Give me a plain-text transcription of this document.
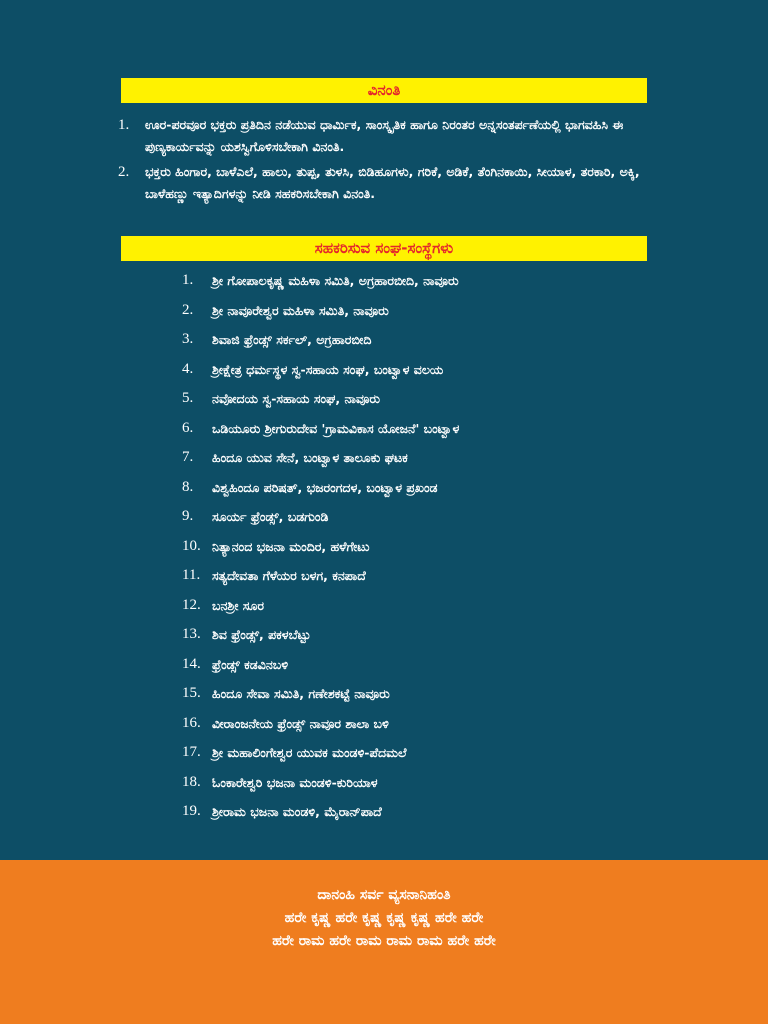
ವಿನಂತಿ
1.	ಊರ-ಪರವೂರ ಭಕ್ತರು ಪ್ರತಿದಿನ ನಡೆಯುವ ಧಾರ್ಮಿಕ, ಸಾಂಸ್ಕೃತಿಕ ಹಾಗೂ ನಿರಂತರ ಅನ್ನಸಂತರ್ಪಣೆಯಲ್ಲಿ ಭಾಗವಹಿಸಿ ಈ ಪುಣ್ಯಕಾರ್ಯವನ್ನು ಯಶಸ್ವಿಗೊಳಿಸಬೇಕಾಗಿ ವಿನಂತಿ.
2.	ಭಕ್ತರು ಹಿಂಗಾರ, ಬಾಳೆಎಲೆ, ಹಾಲು, ತುಪ್ಪ, ತುಳಸಿ, ಬಿಡಿಹೂಗಳು, ಗರಿಕೆ, ಅಡಿಕೆ, ತೆಂಗಿನಕಾಯಿ, ಸೀಯಾಳ, ತರಕಾರಿ, ಅಕ್ಕಿ, ಬಾಳೆಹಣ್ಣು ಇತ್ಯಾದಿಗಳನ್ನು ನೀಡಿ ಸಹಕರಿಸಬೇಕಾಗಿ ವಿನಂತಿ.
ಸಹಕರಿಸುವ ಸಂಘ-ಸಂಸ್ಥೆಗಳು
1.	ಶ್ರೀ ಗೋಪಾಲಕೃಷ್ಣ ಮಹಿಳಾ ಸಮಿತಿ, ಅಗ್ರಹಾರಬೀದಿ, ನಾವೂರು
2.	ಶ್ರೀ ನಾವೂರೇಶ್ವರ ಮಹಿಳಾ ಸಮಿತಿ, ನಾವೂರು
3.	ಶಿವಾಜಿ ಫ್ರೆಂಡ್ಸ್ ಸರ್ಕಲ್, ಅಗ್ರಹಾರಬೀದಿ
4.	ಶ್ರೀಕ್ಷೇತ್ರ ಧರ್ಮಸ್ಥಳ ಸ್ವ-ಸಹಾಯ ಸಂಘ, ಬಂಟ್ವಾಳ ವಲಯ
5.	ನವೋದಯ ಸ್ವ-ಸಹಾಯ ಸಂಘ, ನಾವೂರು
6.	ಒಡಿಯೂರು ಶ್ರೀಗುರುದೇವ 'ಗ್ರಾಮವಿಕಾಸ ಯೋಜನೆ' ಬಂಟ್ವಾಳ
7.	ಹಿಂದೂ ಯುವ ಸೇನೆ, ಬಂಟ್ವಾಳ ತಾಲೂಕು ಘಟಕ
8.	ವಿಶ್ವಹಿಂದೂ ಪರಿಷತ್, ಭಜರಂಗದಳ, ಬಂಟ್ವಾಳ ಪ್ರಖಂಡ
9.	ಸೂರ್ಯ ಫ್ರೆಂಡ್ಸ್, ಬಡಗುಂಡಿ
10. ನಿತ್ಯಾನಂದ ಭಜನಾ ಮಂದಿರ, ಹಳೆಗೇಟು
11. ಸತ್ಯದೇವತಾ ಗೆಳೆಯರ ಬಳಗ, ಕನಪಾದೆ
12. ಬನಶ್ರೀ ಸೂರ
13. ಶಿವ ಫ್ರೆಂಡ್ಸ್, ಪಕಳಬೆಟ್ಟು
14. ಫ್ರೆಂಡ್ಸ್ ಕಡವಿನಬಳಿ
15. ಹಿಂದೂ ಸೇವಾ ಸಮಿತಿ, ಗಣೇಶಕಟ್ಟೆ ನಾವೂರು
16. ವೀರಾಂಜನೇಯ ಫ್ರೆಂಡ್ಸ್ ನಾವೂರ ಶಾಲಾ ಬಳಿ
17. ಶ್ರೀ ಮಹಾಲಿಂಗೇಶ್ವರ ಯುವಕ ಮಂಡಳಿ-ಪೆದಮಲೆ
18. ಓಂಕಾರೇಶ್ವರಿ ಭಜನಾ ಮಂಡಳಿ-ಕುರಿಯಾಳ
19. ಶ್ರೀರಾಮ ಭಜನಾ ಮಂಡಳಿ, ಮೈರಾನ್‌ಪಾದೆ
ದಾನಂಹಿ ಸರ್ವ ವ್ಯಸನಾನಿಹಂತಿ
ಹರೇ ಕೃಷ್ಣ ಹರೇ ಕೃಷ್ಣ ಕೃಷ್ಣ ಕೃಷ್ಣ ಹರೇ ಹರೇ
ಹರೇ ರಾಮ ಹರೇ ರಾಮ ರಾಮ ರಾಮ ಹರೇ ಹರೇ
